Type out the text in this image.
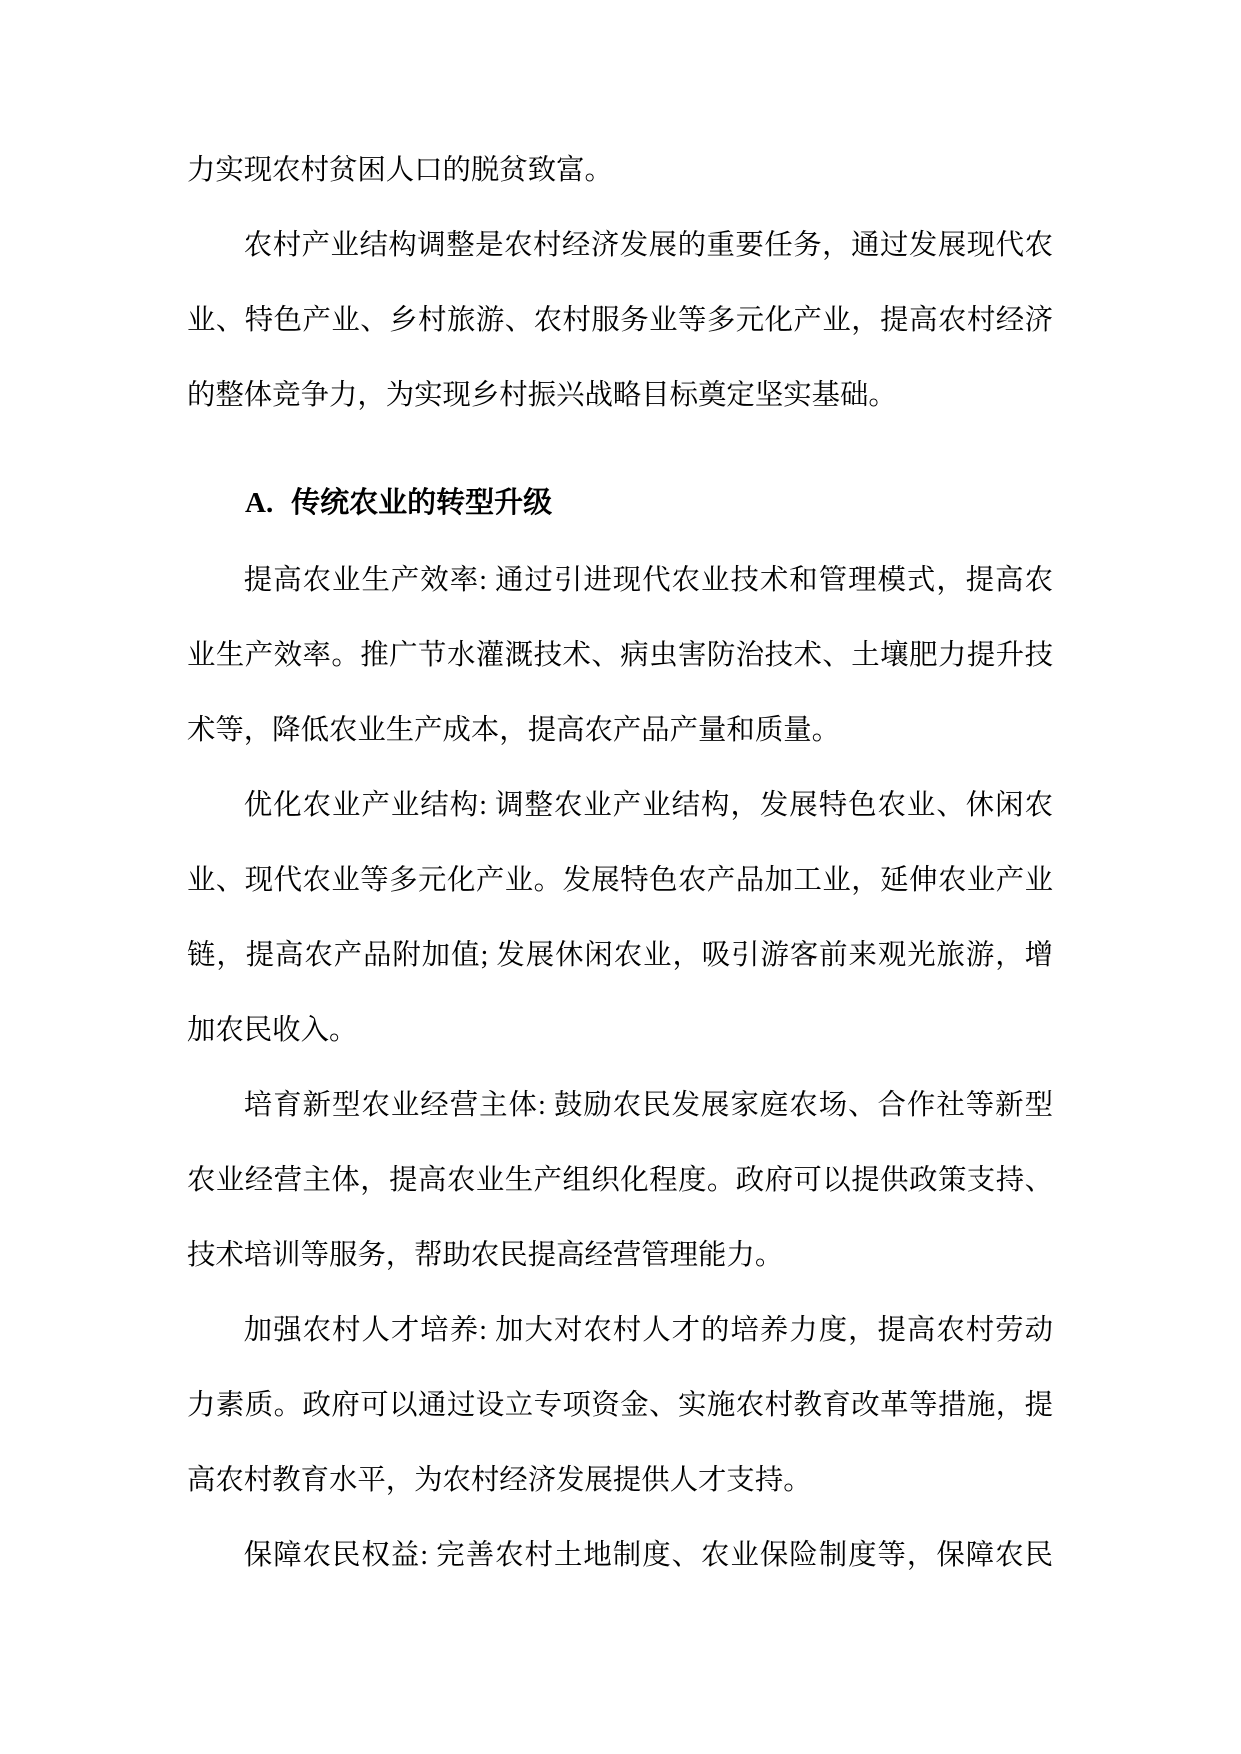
力实现农村贫困人口的脱贫致富。

农村产业结构调整是农村经济发展的重要任务，通过发展现代农业、特色产业、乡村旅游、农村服务业等多元化产业，提高农村经济的整体竞争力，为实现乡村振兴战略目标奠定坚实基础。

A. 传统农业的转型升级

提高农业生产效率: 通过引进现代农业技术和管理模式，提高农业生产效率。推广节水灌溉技术、病虫害防治技术、土壤肥力提升技术等，降低农业生产成本，提高农产品产量和质量。

优化农业产业结构: 调整农业产业结构，发展特色农业、休闲农业、现代农业等多元化产业。发展特色农产品加工业，延伸农业产业链，提高农产品附加值; 发展休闲农业，吸引游客前来观光旅游，增加农民收入。

培育新型农业经营主体: 鼓励农民发展家庭农场、合作社等新型农业经营主体，提高农业生产组织化程度。政府可以提供政策支持、技术培训等服务，帮助农民提高经营管理能力。

加强农村人才培养: 加大对农村人才的培养力度，提高农村劳动力素质。政府可以通过设立专项资金、实施农村教育改革等措施，提高农村教育水平，为农村经济发展提供人才支持。

保障农民权益: 完善农村土地制度、农业保险制度等，保障农民
